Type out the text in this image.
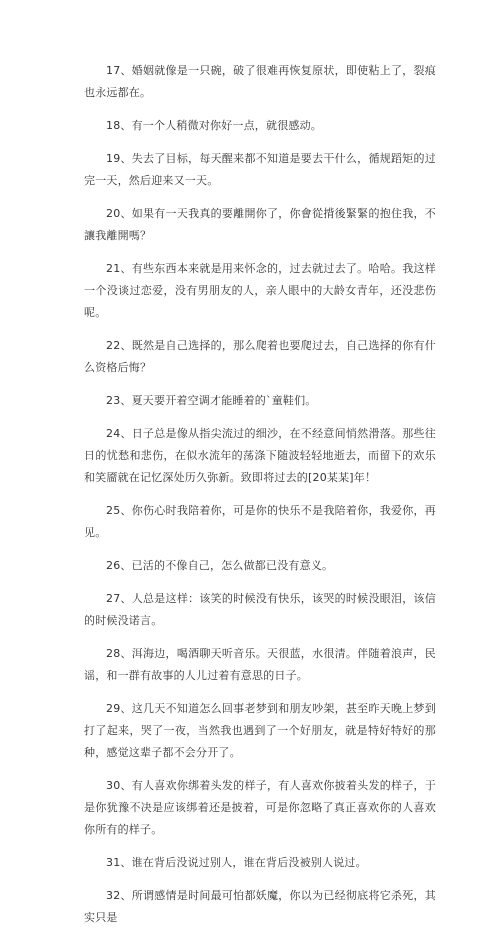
17、婚姻就像是一只碗，破了很难再恢复原状，即使粘上了，裂痕也永远都在。

18、有一个人稍微对你好一点，就很感动。

19、失去了目标，每天醒来都不知道是要去干什么，循规蹈矩的过完一天，然后迎来又一天。

20、如果有一天我真的要離開你了，你會從揹後緊緊的抱住我，不讓我離開嗎？

21、有些东西本来就是用来怀念的，过去就过去了。哈哈。我这样一个没谈过恋爱，没有男朋友的人，亲人眼中的大龄女青年，还没悲伤呢。

22、既然是自己选择的，那么爬着也要爬过去，自己选择的你有什么资格后悔？

23、夏天要开着空调才能睡着的`童鞋们。

24、日子总是像从指尖流过的细沙，在不经意间悄然滑落。那些往日的忧愁和悲伤，在似水流年的荡涤下随波轻轻地逝去，而留下的欢乐和笑靥就在记忆深处历久弥新。致即将过去的[20某某]年！

25、你伤心时我陪着你，可是你的快乐不是我陪着你，我爱你，再见。

26、已活的不像自己，怎么做都已没有意义。

27、人总是这样：该笑的时候没有快乐，该哭的时候没眼泪，该信的时候没诺言。

28、洱海边，喝酒聊天听音乐。天很蓝，水很清。伴随着浪声，民谣，和一群有故事的人儿过着有意思的日子。

29、这几天不知道怎么回事老梦到和朋友吵架，甚至昨天晚上梦到打了起来，哭了一夜，当然我也遇到了一个好朋友，就是特好特好的那种，感觉这辈子都不会分开了。

30、有人喜欢你绑着头发的样子，有人喜欢你披着头发的样子，于是你犹豫不决是应该绑着还是披着，可是你忽略了真正喜欢你的人喜欢你所有的样子。

31、谁在背后没说过别人，谁在背后没被别人说过。

32、所谓感情是时间最可怕都妖魔，你以为已经彻底将它杀死，其实只是
